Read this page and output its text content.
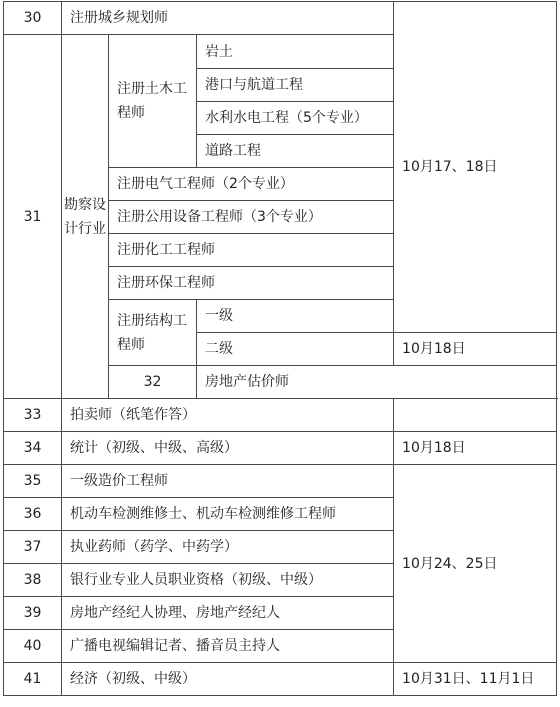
30	注册城乡规划师			10月17、18日	
31	勘察设计行业	注册土木工程师	岩土		
			港口与航道工程		
			水利水电工程（5个专业）		
			道路工程		
		注册电气工程师（2个专业）			
		注册公用设备工程师（3个专业）			
		注册化工工程师			
		注册环保工程师			
		注册结构工程师	一级		
			二级	10月18日	
		32	房地产估价师	
33	拍卖师（纸笔作答）				
34	统计（初级、中级、高级）			10月18日	
35	一级造价工程师			10月24、25日	
36	机动车检测维修士、机动车检测维修工程师				
37	执业药师（药学、中药学）				
38	银行业专业人员职业资格（初级、中级）				
39	房地产经纪人协理、房地产经纪人				
40	广播电视编辑记者、播音员主持人				
41	经济（初级、中级）			10月31日、11月1日	
